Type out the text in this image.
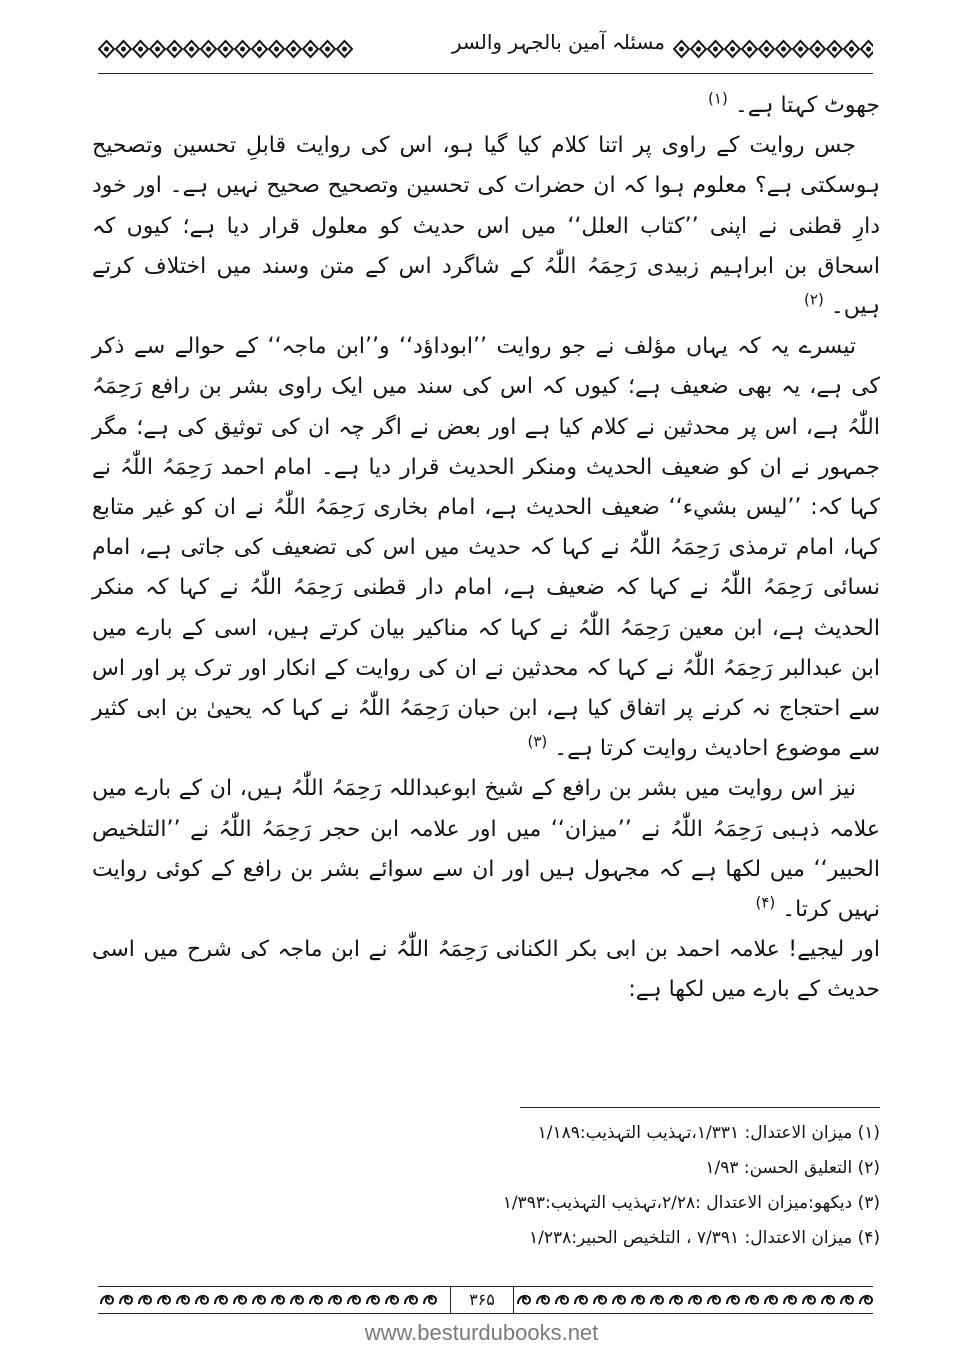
مسئلہ آمین بالجہر والسر

جھوٹ کہتا ہے۔ $^{(۱)}$

جس روایت کے راوی پر اتنا کلام کیا گیا ہو، اس کی روایت قابلِ تحسین وتصحیح ہوسکتی ہے؟ معلوم ہوا کہ ان حضرات کی تحسین وتصحیح صحیح نہیں ہے۔ اور خود دارِ قطنی نے اپنی ’’کتاب العلل‘‘ میں اس حدیث کو معلول قرار دیا ہے؛ کیوں کہ اسحاق بن ابراہیم زبیدی رَحِمَہُ اللّٰہُ کے شاگرد اس کے متن وسند میں اختلاف کرتے ہیں۔ $^{(۲)}$

تیسرے یہ کہ یہاں مؤلف نے جو روایت ’’ابوداؤد‘‘ و’’ابن ماجہ‘‘ کے حوالے سے ذکر کی ہے، یہ بھی ضعیف ہے؛ کیوں کہ اس کی سند میں ایک راوی بشر بن رافع رَحِمَہُ اللّٰہُ ہے، اس پر محدثین نے کلام کیا ہے اور بعض نے اگر چہ ان کی توثیق کی ہے؛ مگر جمہور نے ان کو ضعیف الحدیث ومنکر الحدیث قرار دیا ہے۔ امام احمد رَحِمَہُ اللّٰہُ نے کہا کہ: ’’لیس بشيء‘‘ ضعیف الحدیث ہے، امام بخاری رَحِمَہُ اللّٰہُ نے ان کو غیر متابع کہا، امام ترمذی رَحِمَہُ اللّٰہُ نے کہا کہ حدیث میں اس کی تضعیف کی جاتی ہے، امام نسائی رَحِمَہُ اللّٰہُ نے کہا کہ ضعیف ہے، امام دار قطنی رَحِمَہُ اللّٰہُ نے کہا کہ منکر الحدیث ہے، ابن معین رَحِمَہُ اللّٰہُ نے کہا کہ مناکیر بیان کرتے ہیں، اسی کے بارے میں ابن عبدالبر رَحِمَہُ اللّٰہُ نے کہا کہ محدثین نے ان کی روایت کے انکار اور ترک پر اور اس سے احتجاج نہ کرنے پر اتفاق کیا ہے، ابن حبان رَحِمَہُ اللّٰہُ نے کہا کہ یحییٰ بن ابی کثیر سے موضوع احادیث روایت کرتا ہے۔ $^{(۳)}$

نیز اس روایت میں بشر بن رافع کے شیخ ابوعبداللہ رَحِمَہُ اللّٰہُ ہیں، ان کے بارے میں علامہ ذہبی رَحِمَہُ اللّٰہُ نے ’’میزان‘‘ میں اور علامہ ابن حجر رَحِمَہُ اللّٰہُ نے ’’التلخیص الحبیر‘‘ میں لکھا ہے کہ مجہول ہیں اور ان سے سوائے بشر بن رافع کے کوئی روایت نہیں کرتا۔ $^{(۴)}$

اور لیجیے! علامہ احمد بن ابی بکر الکنانی رَحِمَہُ اللّٰہُ نے ابن ماجہ کی شرح میں اسی حدیث کے بارے میں لکھا ہے:

(۱) میزان الاعتدال: ۱/۳۳۱،تہذیب التہذیب:۱/۱۸۹
(۲) التعلیق الحسن: ۱/۹۳
(۳) دیکھو:میزان الاعتدال :۲/۲۸،تہذیب التہذیب:۱/۳۹۳
(۴) میزان الاعتدال: ۷/۳۹۱ ، التلخیص الحبیر:۱/۲۳۸
۳۶۵
www.besturdubooks.net
